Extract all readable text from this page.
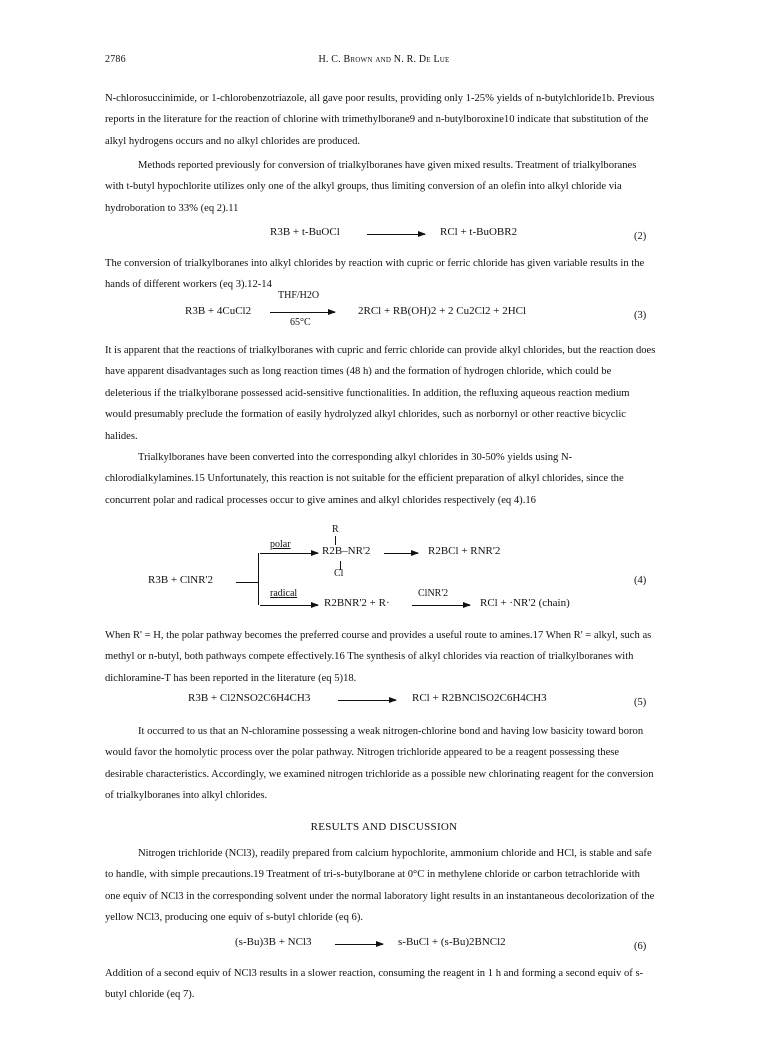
2786	H. C. Brown and N. R. De Lue

N-chlorosuccinimide, or 1-chlorobenzotriazole, all gave poor results, providing only 1-25% yields of n-butylchloride1b. Previous reports in the literature for the reaction of chlorine with trimethylborane9 and n-butylboroxine10 indicate that substitution of the alkyl hydrogens occurs and no alkyl chlorides are produced.

Methods reported previously for conversion of trialkylboranes have given mixed results. Treatment of trialkylboranes with t-butyl hypochlorite utilizes only one of the alkyl groups, thus limiting conversion of an olefin into alkyl chloride via hydroboration to 33% (eq 2).11

R3B + t-BuOCl	RCl + t-BuOBR2	(2)

The conversion of trialkylboranes into alkyl chlorides by reaction with cupric or ferric chloride has given variable results in the hands of different workers (eq 3).12-14

R3B + 4CuCl2
THF/H2O
65°C
2RCl + RB(OH)2 + 2 Cu2Cl2 + 2HCl	(3)

It is apparent that the reactions of trialkylboranes with cupric and ferric chloride can provide alkyl chlorides, but the reaction does have apparent disadvantages such as long reaction times (48 h) and the formation of hydrogen chloride, which could be deleterious if the trialkylborane possessed acid-sensitive functionalities. In addition, the refluxing aqueous reaction medium would presumably preclude the formation of easily hydrolyzed alkyl chlorides, such as norbornyl or other reactive bicyclic halides.

Trialkylboranes have been converted into the corresponding alkyl chlorides in 30-50% yields using N-chlorodialkylamines.15 Unfortunately, this reaction is not suitable for the efficient preparation of alkyl chlorides, since the concurrent polar and radical processes occur to give amines and alkyl chlorides respectively (eq 4).16

R
polar
R2B–NR'2
Cl
R2BCl + RNR'2
R3B + ClNR'2	(4)
radical
R2BNR'2 + R·
ClNR'2
RCl + ·NR'2 (chain)

When R' = H, the polar pathway becomes the preferred course and provides a useful route to amines.17 When R' = alkyl, such as methyl or n-butyl, both pathways compete effectively.16 The synthesis of alkyl chlorides via reaction of trialkylboranes with dichloramine-T has been reported in the literature (eq 5)18.

R3B + Cl2NSO2C6H4CH3	RCl + R2BNClSO2C6H4CH3	(5)

It occurred to us that an N-chloramine possessing a weak nitrogen-chlorine bond and having low basicity toward boron would favor the homolytic process over the polar pathway. Nitrogen trichloride appeared to be a reagent possessing these desirable characteristics. Accordingly, we examined nitrogen trichloride as a possible new chlorinating reagent for the conversion of trialkylboranes into alkyl chlorides.

RESULTS AND DISCUSSION

Nitrogen trichloride (NCl3), readily prepared from calcium hypochlorite, ammonium chloride and HCl, is stable and safe to handle, with simple precautions.19 Treatment of tri-s-butylborane at 0°C in methylene chloride or carbon tetrachloride with one equiv of NCl3 in the corresponding solvent under the normal laboratory light results in an instantaneous decolorization of the yellow NCl3, producing one equiv of s-butyl chloride (eq 6).

(s-Bu)3B + NCl3	s-BuCl + (s-Bu)2BNCl2	(6)

Addition of a second equiv of NCl3 results in a slower reaction, consuming the reagent in 1 h and forming a second equiv of s-butyl chloride (eq 7).
